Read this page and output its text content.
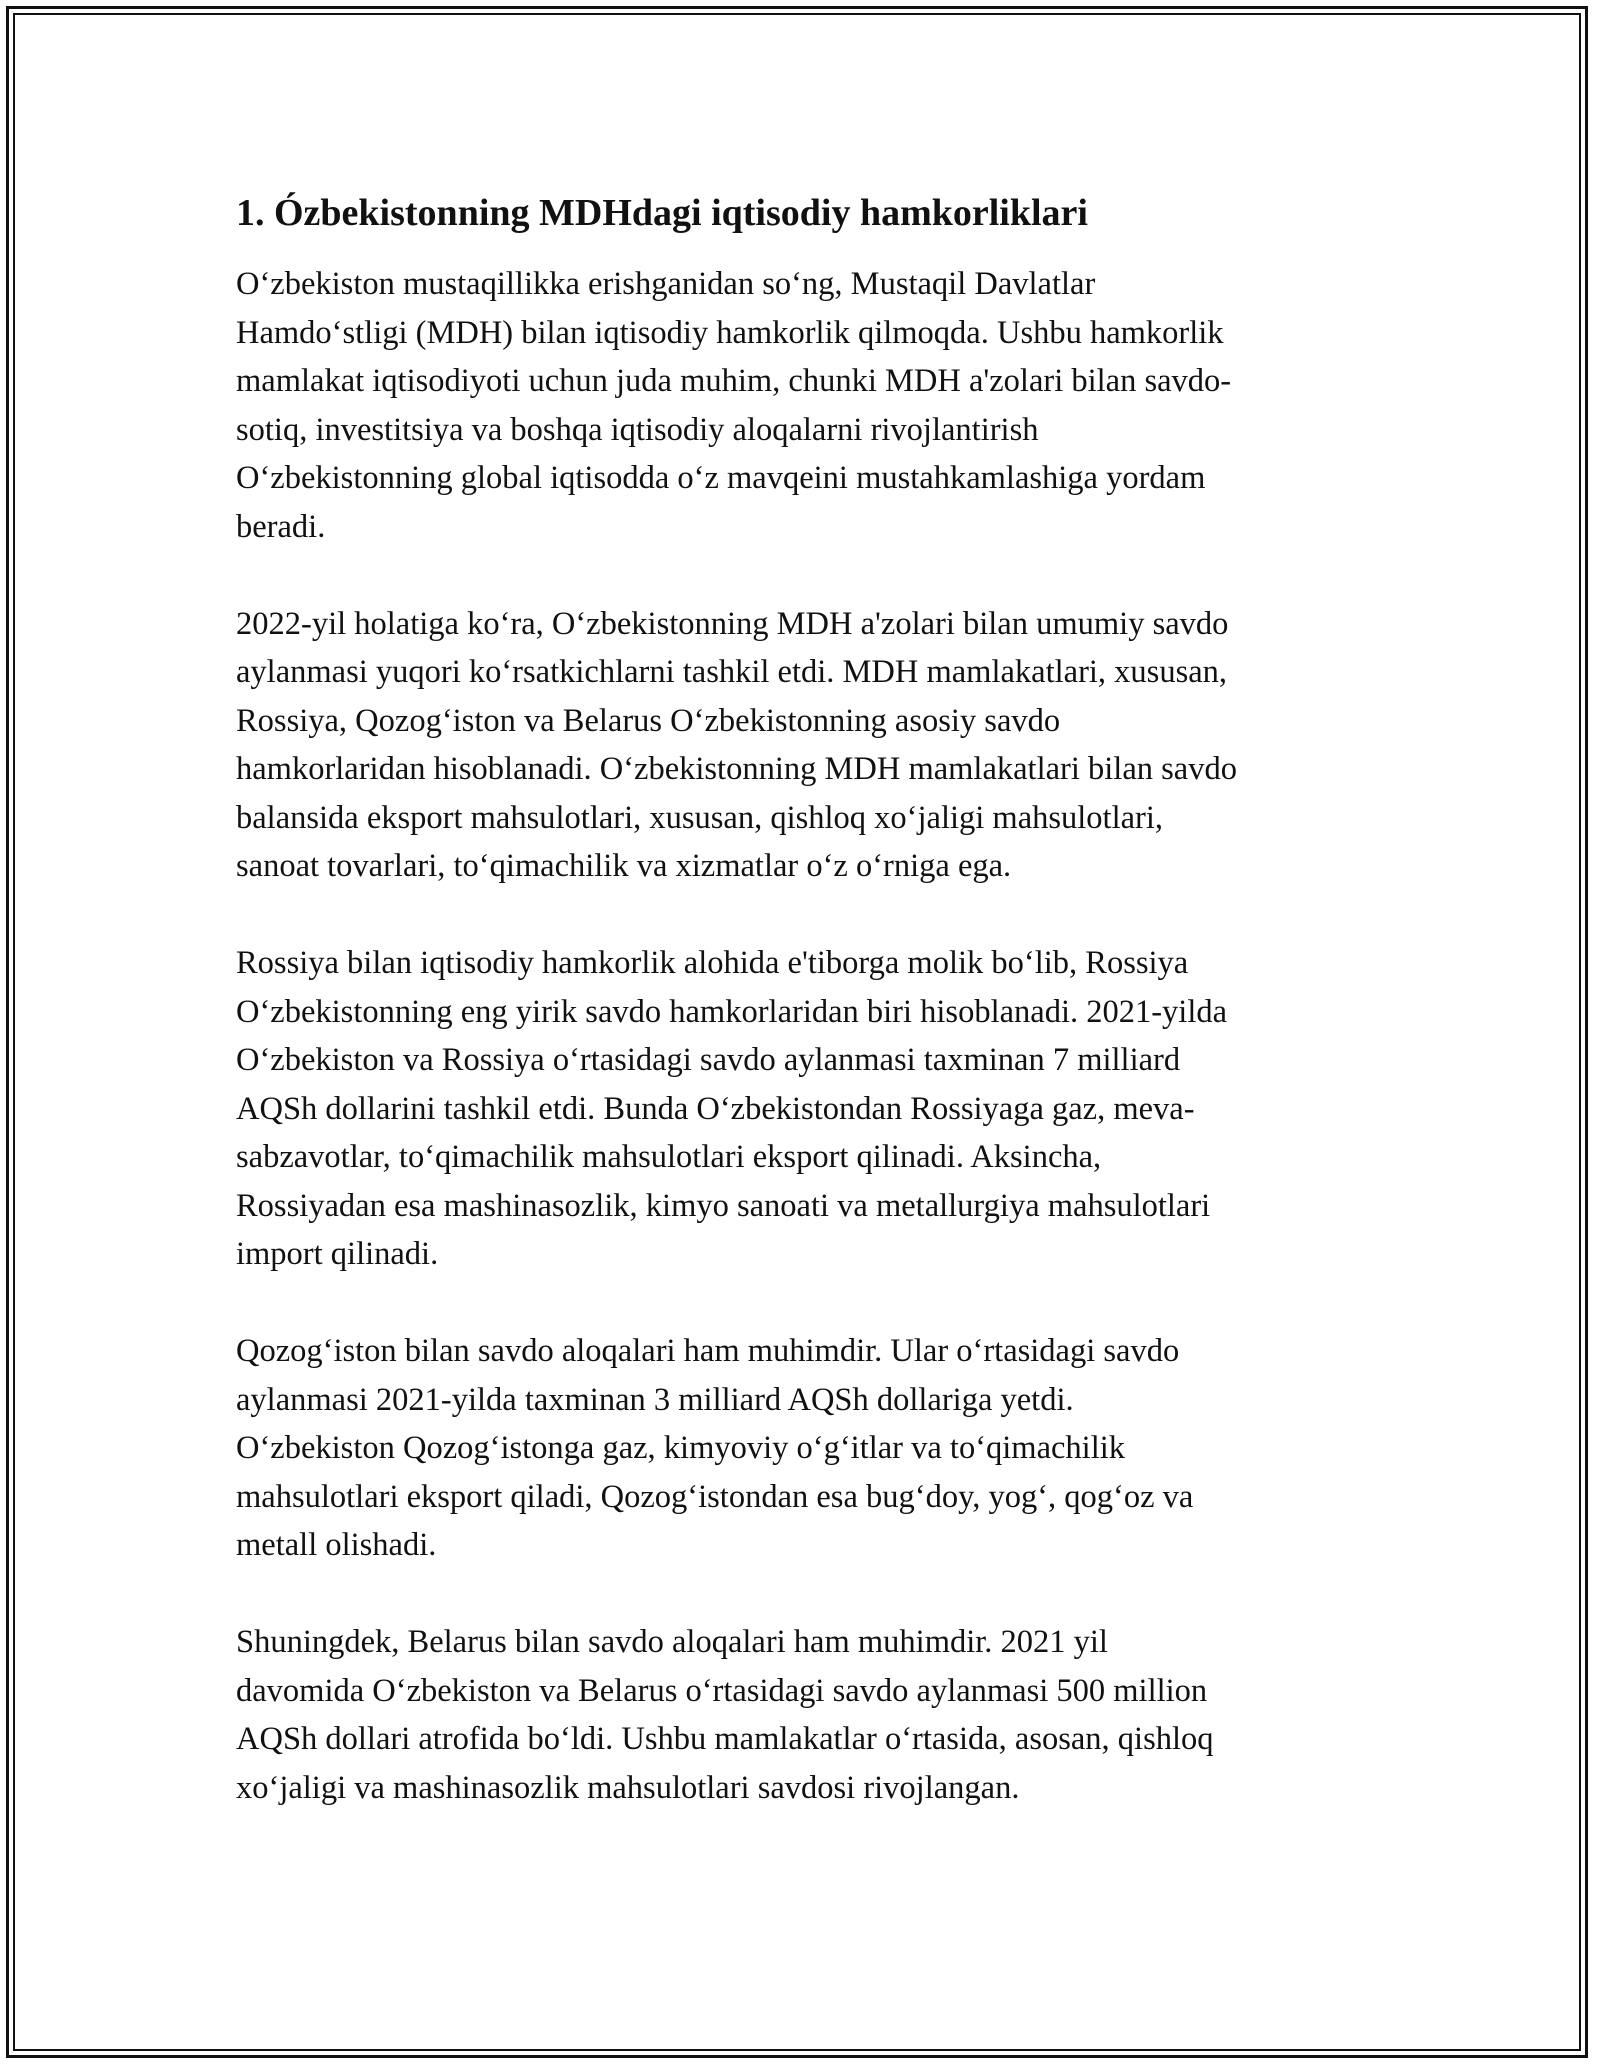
1. Ózbekistonning MDHdagi iqtisodiy hamkorliklari

O‘zbekiston mustaqillikka erishganidan so‘ng, Mustaqil Davlatlar
Hamdo‘stligi (MDH) bilan iqtisodiy hamkorlik qilmoqda. Ushbu hamkorlik
mamlakat iqtisodiyoti uchun juda muhim, chunki MDH a'zolari bilan savdo-
sotiq, investitsiya va boshqa iqtisodiy aloqalarni rivojlantirish
O‘zbekistonning global iqtisodda o‘z mavqeini mustahkamlashiga yordam
beradi.

2022-yil holatiga ko‘ra, O‘zbekistonning MDH a'zolari bilan umumiy savdo
aylanmasi yuqori ko‘rsatkichlarni tashkil etdi. MDH mamlakatlari, xususan,
Rossiya, Qozog‘iston va Belarus O‘zbekistonning asosiy savdo
hamkorlaridan hisoblanadi. O‘zbekistonning MDH mamlakatlari bilan savdo
balansida eksport mahsulotlari, xususan, qishloq xo‘jaligi mahsulotlari,
sanoat tovarlari, to‘qimachilik va xizmatlar o‘z o‘rniga ega.

Rossiya bilan iqtisodiy hamkorlik alohida e'tiborga molik bo‘lib, Rossiya
O‘zbekistonning eng yirik savdo hamkorlaridan biri hisoblanadi. 2021-yilda
O‘zbekiston va Rossiya o‘rtasidagi savdo aylanmasi taxminan 7 milliard
AQSh dollarini tashkil etdi. Bunda O‘zbekistondan Rossiyaga gaz, meva-
sabzavotlar, to‘qimachilik mahsulotlari eksport qilinadi. Aksincha,
Rossiyadan esa mashinasozlik, kimyo sanoati va metallurgiya mahsulotlari
import qilinadi.

Qozog‘iston bilan savdo aloqalari ham muhimdir. Ular o‘rtasidagi savdo
aylanmasi 2021-yilda taxminan 3 milliard AQSh dollariga yetdi.
O‘zbekiston Qozog‘istonga gaz, kimyoviy o‘g‘itlar va to‘qimachilik
mahsulotlari eksport qiladi, Qozog‘istondan esa bug‘doy, yog‘, qog‘oz va
metall olishadi.

Shuningdek, Belarus bilan savdo aloqalari ham muhimdir. 2021 yil
davomida O‘zbekiston va Belarus o‘rtasidagi savdo aylanmasi 500 million
AQSh dollari atrofida bo‘ldi. Ushbu mamlakatlar o‘rtasida, asosan, qishloq
xo‘jaligi va mashinasozlik mahsulotlari savdosi rivojlangan.
